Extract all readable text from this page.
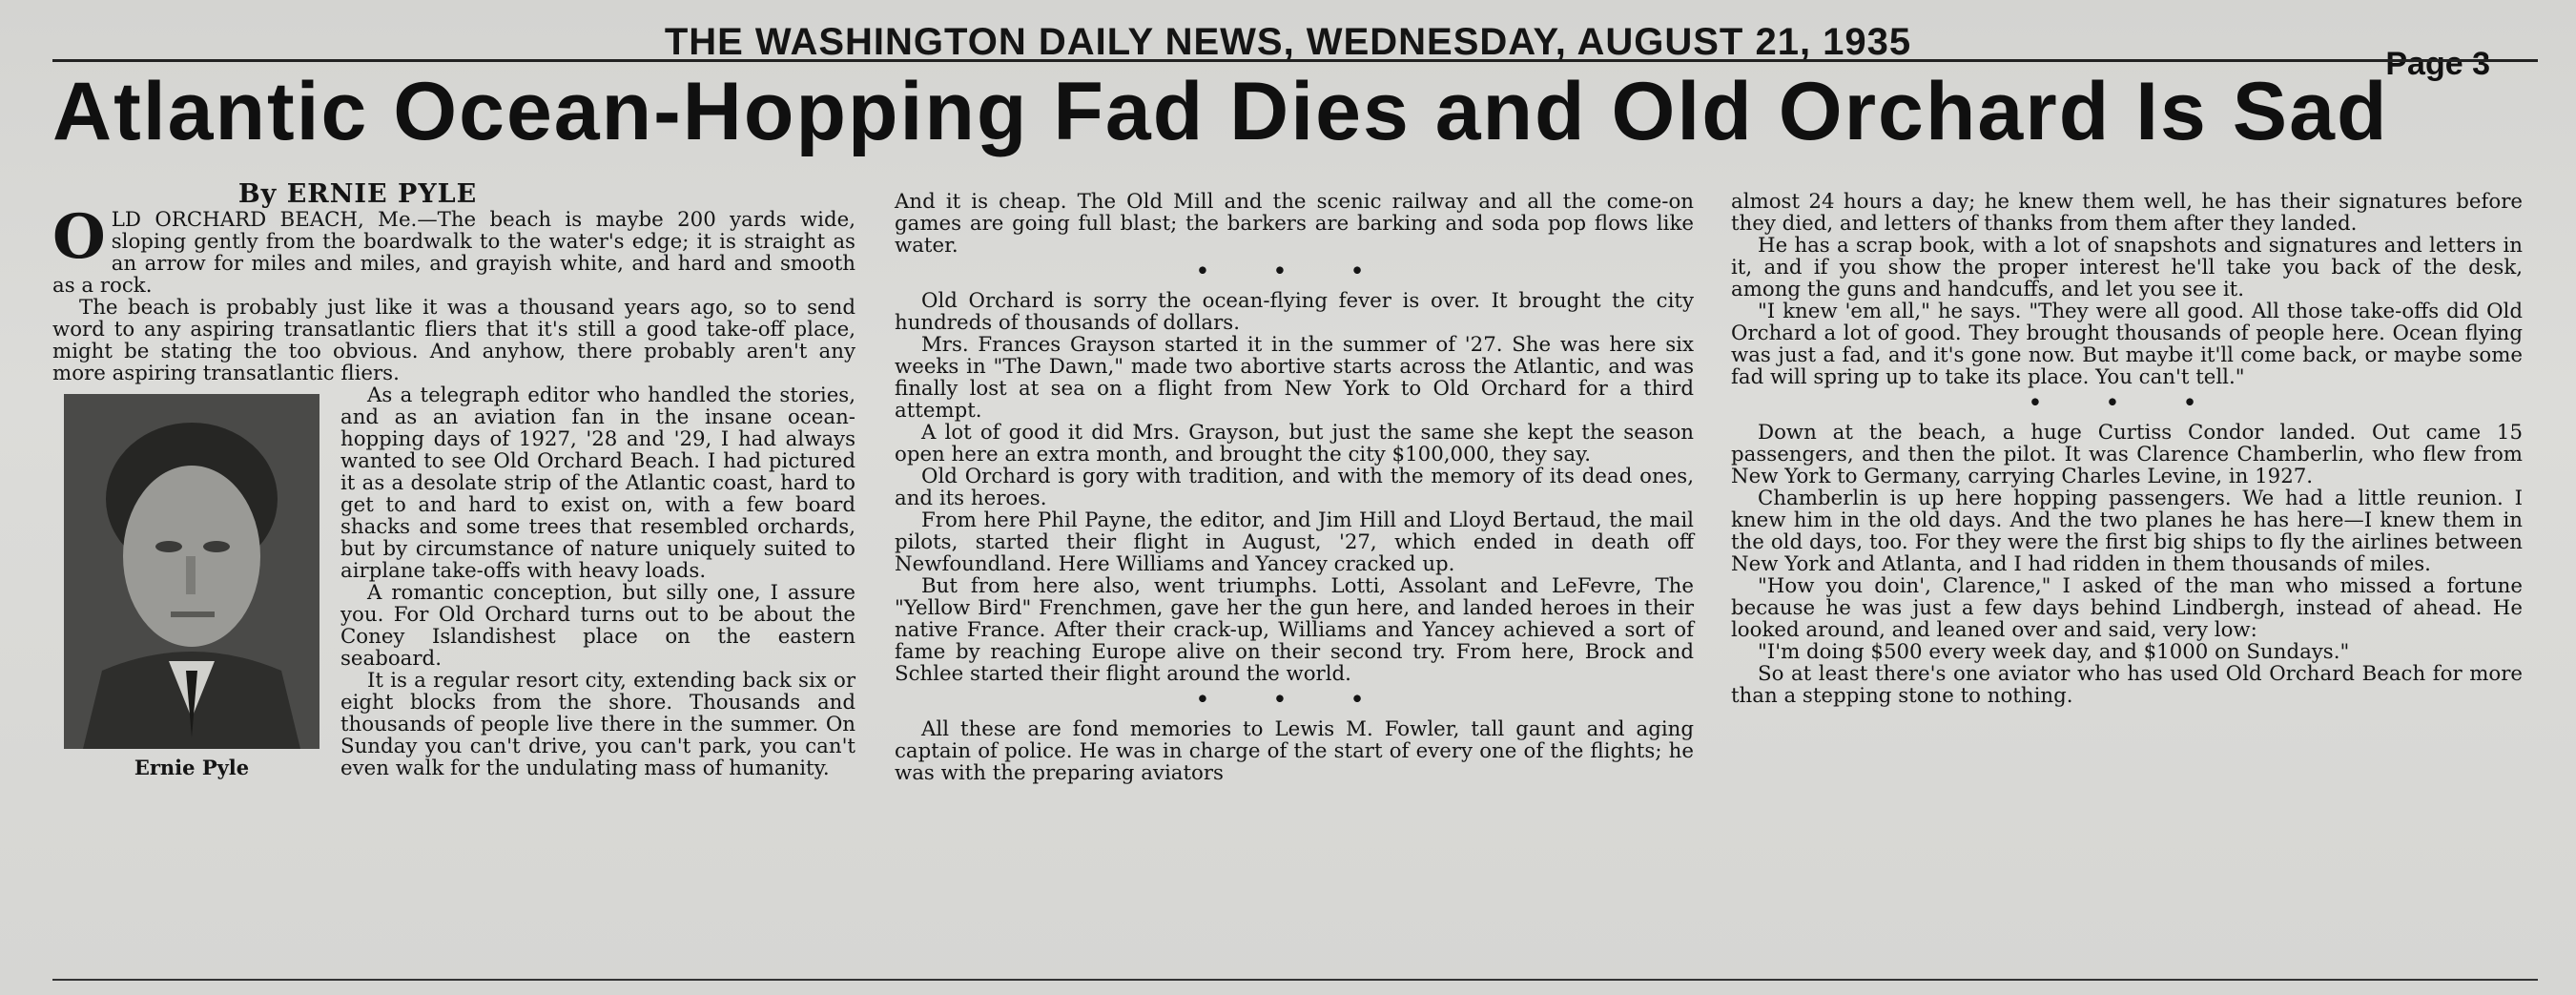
THE WASHINGTON DAILY NEWS, WEDNESDAY, AUGUST 21, 1935
Page 3
Atlantic Ocean-Hopping Fad Dies and Old Orchard Is Sad
By ERNIE PYLE

OLD ORCHARD BEACH, Me.—The beach is maybe 200 yards wide, sloping gently from the boardwalk to the water's edge; it is straight as an arrow for miles and miles, and grayish white, and hard and smooth as a rock.

The beach is probably just like it was a thousand years ago, so to send word to any aspiring transatlantic fliers that it's still a good take-off place, might be stating the too obvious. And anyhow, there probably aren't any more aspiring transatlantic fliers.

Ernie Pyle

As a telegraph editor who handled the stories, and as an aviation fan in the insane ocean-hopping days of 1927, '28 and '29, I had always wanted to see Old Orchard Beach. I had pictured it as a desolate strip of the Atlantic coast, hard to get to and hard to exist on, with a few board shacks and some trees that resembled orchards, but by circumstance of nature uniquely suited to airplane take-offs with heavy loads.

A romantic conception, but silly one, I assure you. For Old Orchard turns out to be about the Coney Islandishest place on the eastern seaboard.

It is a regular resort city, extending back six or eight blocks from the shore. Thousands and thousands of people live there in the summer. On Sunday you can't drive, you can't park, you can't even walk for the undulating mass of humanity.

And it is cheap. The Old Mill and the scenic railway and all the come-on games are going full blast; the barkers are barking and soda pop flows like water.

• • •

Old Orchard is sorry the ocean-flying fever is over. It brought the city hundreds of thousands of dollars.

Mrs. Frances Grayson started it in the summer of '27. She was here six weeks in "The Dawn," made two abortive starts across the Atlantic, and was finally lost at sea on a flight from New York to Old Orchard for a third attempt.

A lot of good it did Mrs. Grayson, but just the same she kept the season open here an extra month, and brought the city $100,000, they say.

Old Orchard is gory with tradition, and with the memory of its dead ones, and its heroes.

From here Phil Payne, the editor, and Jim Hill and Lloyd Bertaud, the mail pilots, started their flight in August, '27, which ended in death off Newfoundland. Here Williams and Yancey cracked up.

But from here also, went triumphs. Lotti, Assolant and LeFevre, The "Yellow Bird" Frenchmen, gave her the gun here, and landed heroes in their native France. After their crack-up, Williams and Yancey achieved a sort of fame by reaching Europe alive on their second try. From here, Brock and Schlee started their flight around the world.

• • •

All these are fond memories to Lewis M. Fowler, tall gaunt and aging captain of police. He was in charge of the start of every one of the flights; he was with the preparing aviators

almost 24 hours a day; he knew them well, he has their signatures before they died, and letters of thanks from them after they landed.

He has a scrap book, with a lot of snapshots and signatures and letters in it, and if you show the proper interest he'll take you back of the desk, among the guns and handcuffs, and let you see it.

"I knew 'em all," he says. "They were all good. All those take-offs did Old Orchard a lot of good. They brought thousands of people here. Ocean flying was just a fad, and it's gone now. But maybe it'll come back, or maybe some fad will spring up to take its place. You can't tell."

• • •

Down at the beach, a huge Curtiss Condor landed. Out came 15 passengers, and then the pilot. It was Clarence Chamberlin, who flew from New York to Germany, carrying Charles Levine, in 1927.

Chamberlin is up here hopping passengers. We had a little reunion. I knew him in the old days. And the two planes he has here—I knew them in the old days, too. For they were the first big ships to fly the airlines between New York and Atlanta, and I had ridden in them thousands of miles.

"How you doin', Clarence," I asked of the man who missed a fortune because he was just a few days behind Lindbergh, instead of ahead. He looked around, and leaned over and said, very low:

"I'm doing $500 every week day, and $1000 on Sundays."

So at least there's one aviator who has used Old Orchard Beach for more than a stepping stone to nothing.
